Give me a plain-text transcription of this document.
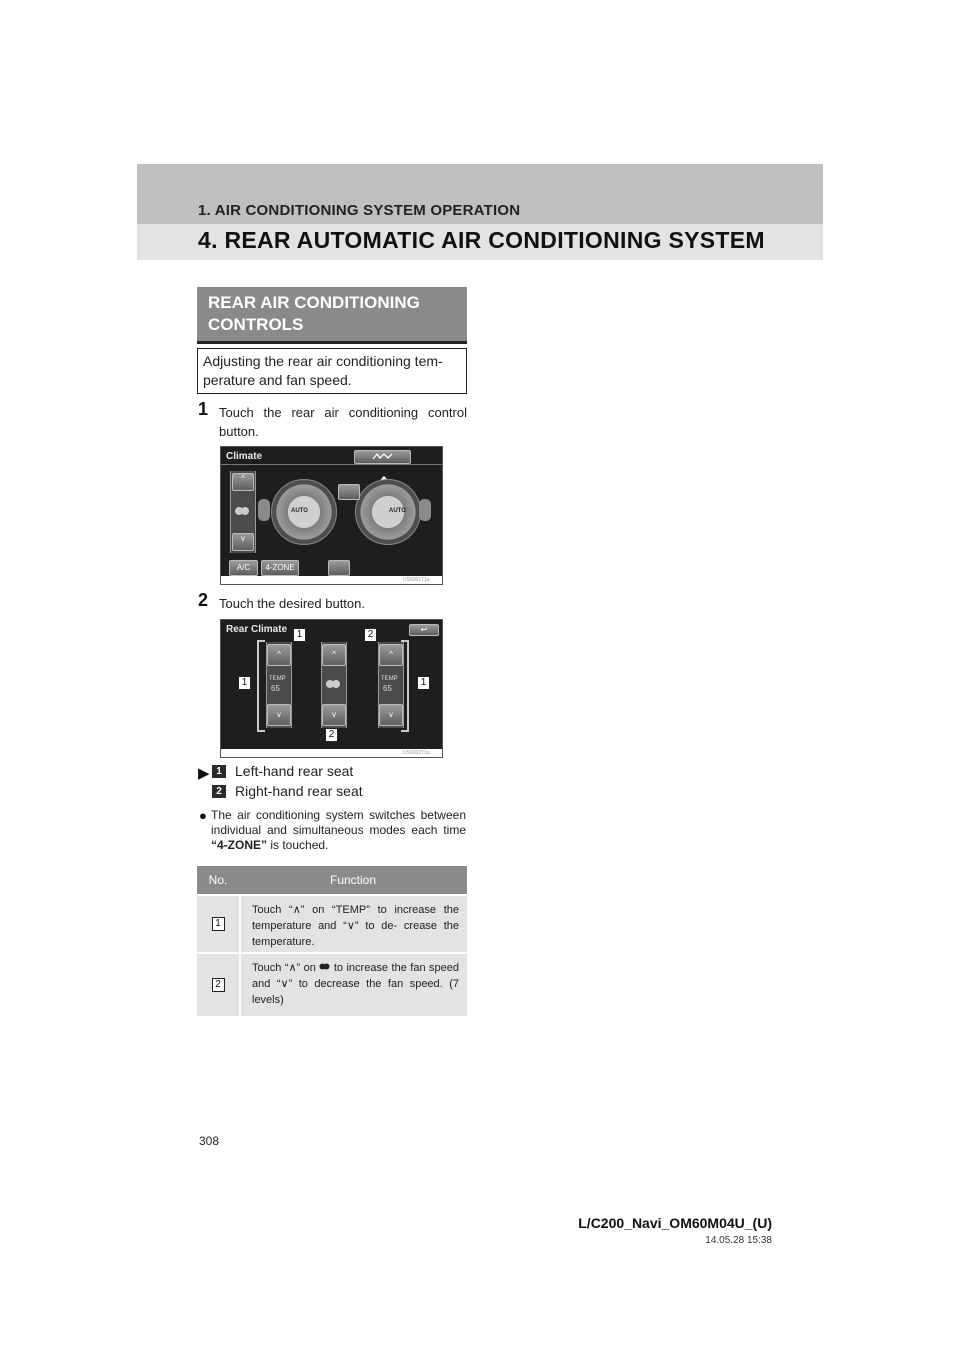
1. AIR CONDITIONING SYSTEM OPERATION
4. REAR AUTOMATIC AIR CONDITIONING SYSTEM
REAR AIR CONDITIONING CONTROLS
Adjusting the rear air conditioning tem- perature and fan speed.
1 Touch the rear air conditioning control button.
Climate
^
v
AUTO	AUTO
A/C	4-ZONE
US6001T1a
2 Touch the desired button.
Rear Climate	↩
^
TEMP
65
v
^
v
^
TEMP
65
v
1	2
1	1
2
US6002T1a
▶ 1 Left-hand rear seat
2 Right-hand rear seat
● The air conditioning system switches between individual and simultaneous modes each time “4-ZONE” is touched.
No.	Function
1
Touch “∧” on “TEMP” to increase the temperature and “∨” to de- crease the temperature.
2
Touch “∧” on  to increase the fan speed and “∨” to decrease the fan speed. (7 levels)
308
L/C200_Navi_OM60M04U_(U)
14.05.28 15:38
